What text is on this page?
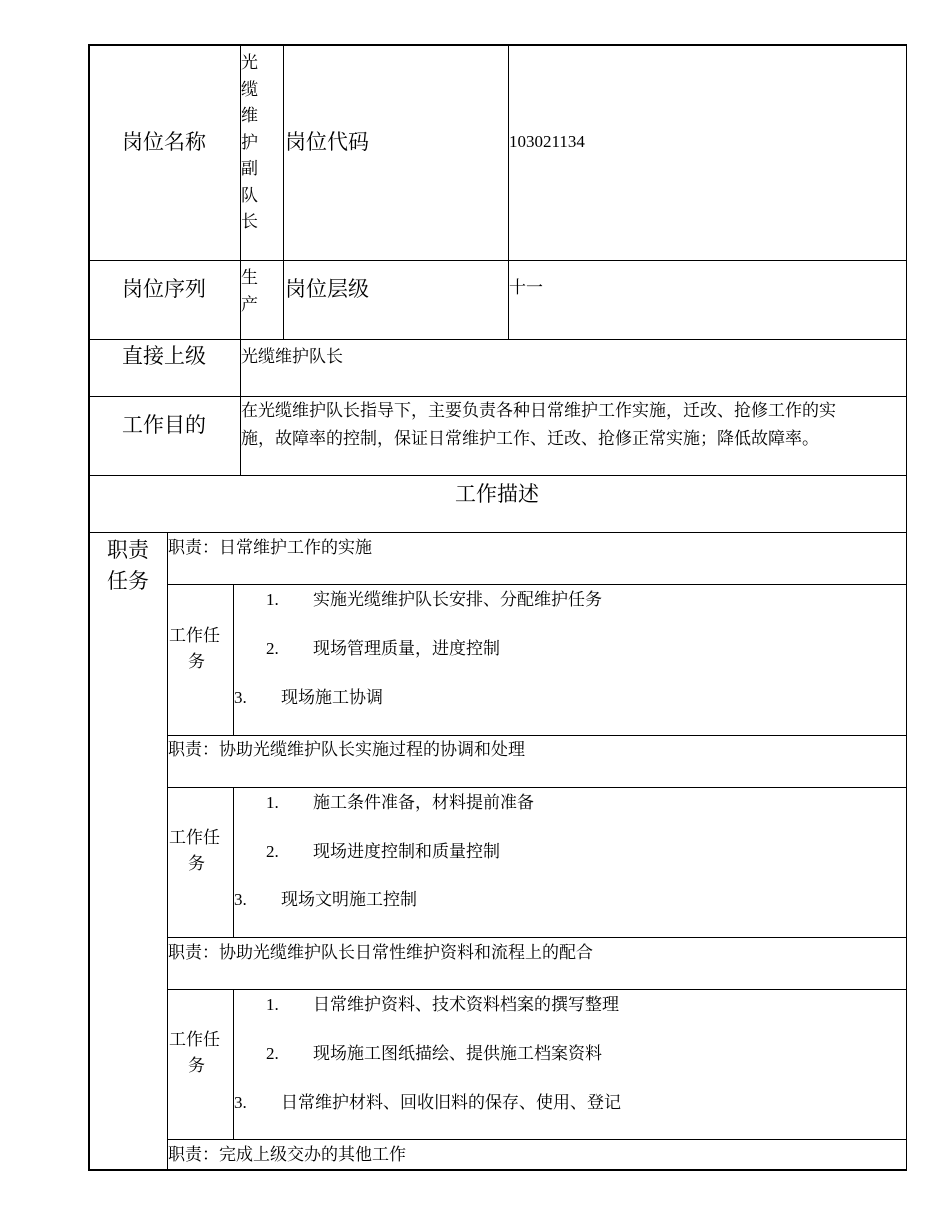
岗位名称
光
缆
维
护
副
队
长
岗位代码	103021134
岗位序列 生
产
岗位层级	十一
直接上级 光缆维护队长
工作目的
在光缆维护队长指导下，主要负责各种日常维护工作实施，迁改、抢修工作的实
施，故障率的控制，保证日常维护工作、迁改、抢修正常实施；降低故障率。
工作描述
职责
任务
职责：日常维护工作的实施
工作任
务
1. 实施光缆维护队长安排、分配维护任务
2. 现场管理质量，进度控制
3. 现场施工协调
职责：协助光缆维护队长实施过程的协调和处理
工作任
务
1. 施工条件准备，材料提前准备
2. 现场进度控制和质量控制
3. 现场文明施工控制
职责：协助光缆维护队长日常性维护资料和流程上的配合
工作任
务
1. 日常维护资料、技术资料档案的撰写整理
2. 现场施工图纸描绘、提供施工档案资料
3. 日常维护材料、回收旧料的保存、使用、登记
职责：完成上级交办的其他工作
